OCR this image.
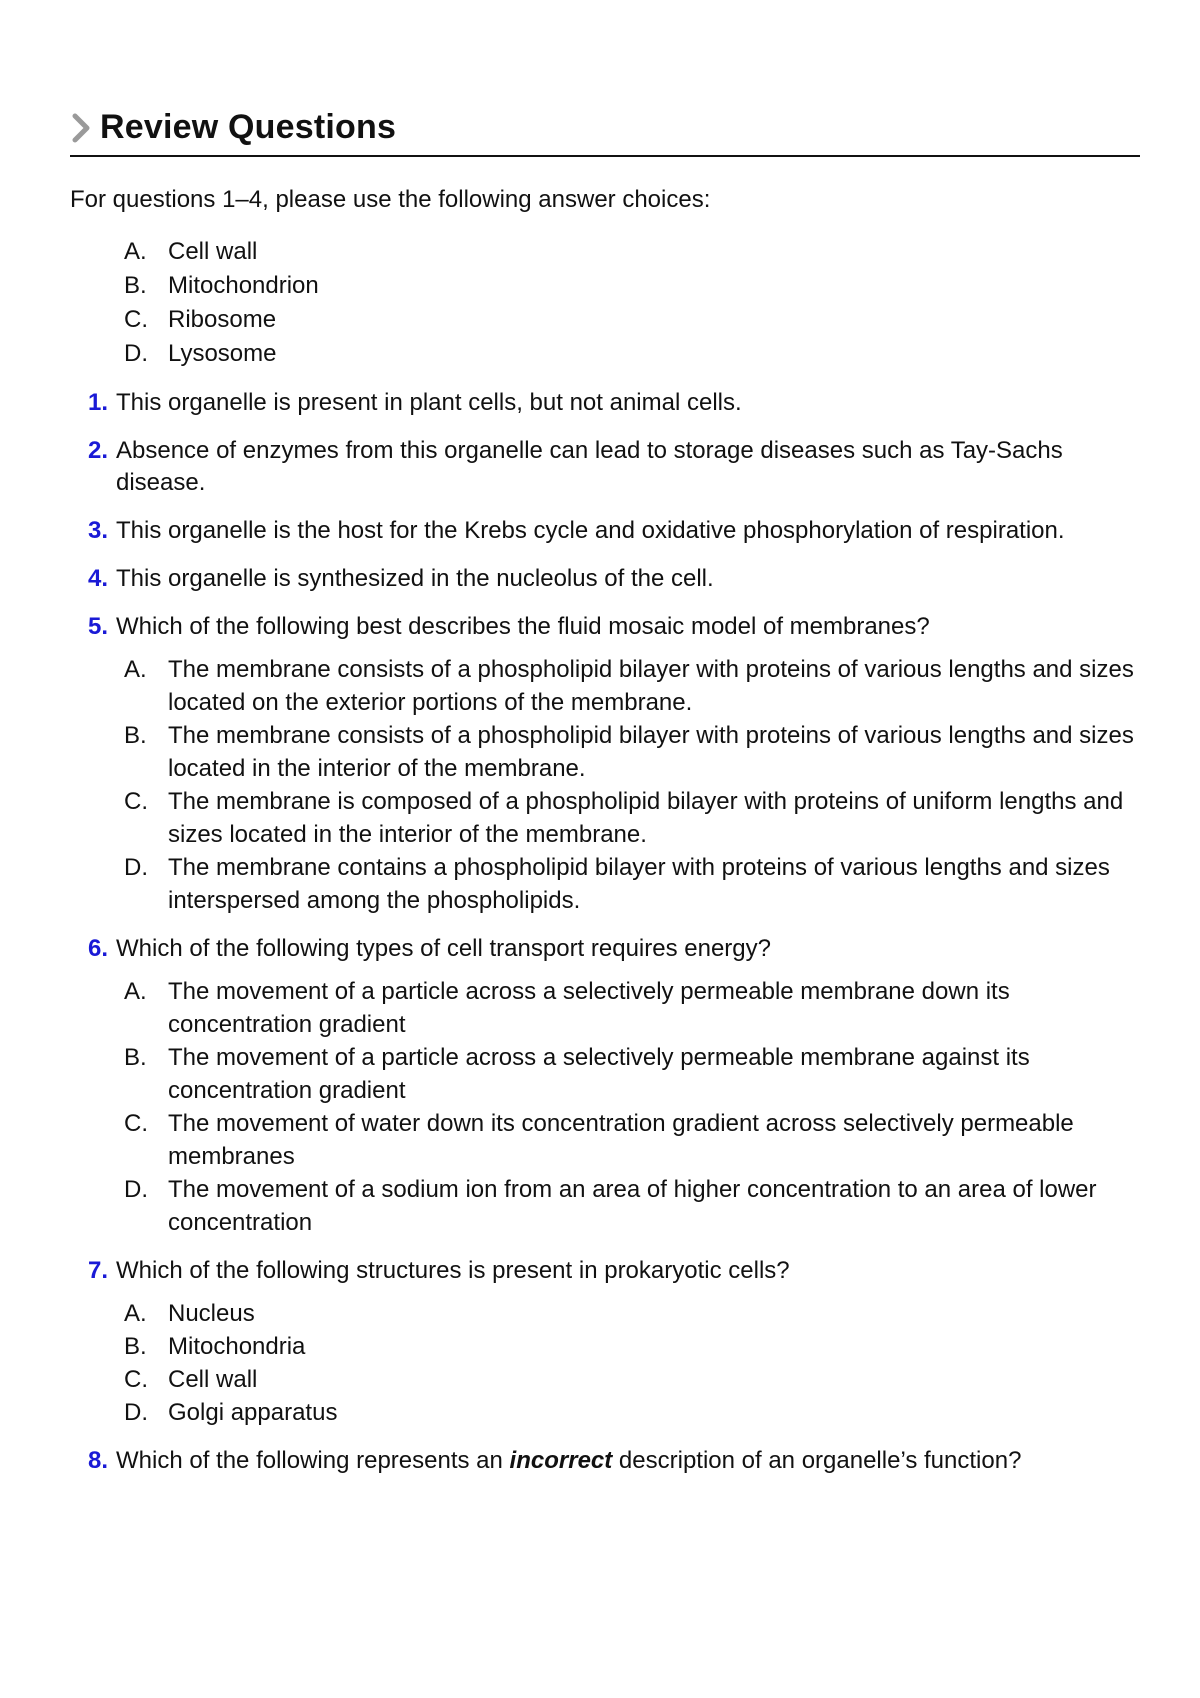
Review Questions
For questions 1–4, please use the following answer choices:
A. Cell wall
B. Mitochondrion
C. Ribosome
D. Lysosome
1. This organelle is present in plant cells, but not animal cells.
2. Absence of enzymes from this organelle can lead to storage diseases such as Tay-Sachs disease.
3. This organelle is the host for the Krebs cycle and oxidative phosphorylation of respiration.
4. This organelle is synthesized in the nucleolus of the cell.
5. Which of the following best describes the fluid mosaic model of membranes?
A. The membrane consists of a phospholipid bilayer with proteins of various lengths and sizes located on the exterior portions of the membrane.
B. The membrane consists of a phospholipid bilayer with proteins of various lengths and sizes located in the interior of the membrane.
C. The membrane is composed of a phospholipid bilayer with proteins of uniform lengths and sizes located in the interior of the membrane.
D. The membrane contains a phospholipid bilayer with proteins of various lengths and sizes interspersed among the phospholipids.
6. Which of the following types of cell transport requires energy?
A. The movement of a particle across a selectively permeable membrane down its concentration gradient
B. The movement of a particle across a selectively permeable membrane against its concentration gradient
C. The movement of water down its concentration gradient across selectively permeable membranes
D. The movement of a sodium ion from an area of higher concentration to an area of lower concentration
7. Which of the following structures is present in prokaryotic cells?
A. Nucleus
B. Mitochondria
C. Cell wall
D. Golgi apparatus
8. Which of the following represents an incorrect description of an organelle’s function?
